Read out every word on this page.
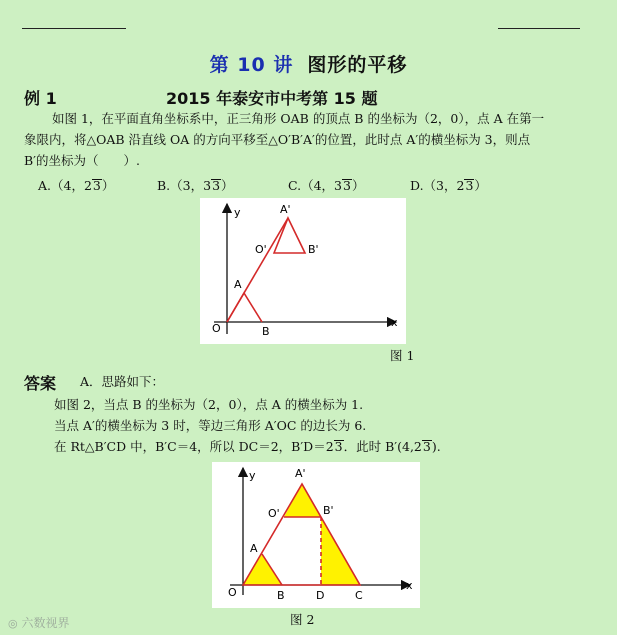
第 10 讲 图形的平移
例 1	2015 年泰安市中考第 15 题
如图 1，在平面直角坐标系中，正三角形 OAB 的顶点 B 的坐标为（2，0），点 A 在第一
象限内，将△OAB 沿直线 OA 的方向平移至△O′B′A′的位置，此时点 A′的横坐标为 3，则点
B′的坐标为（　　）.
A.（4，23）	B.（3，33）	C.（4，33）	D.（3，23）
y
x
O
A
B
O'
A'
B'
图 1
答案 A．思路如下：
如图 2，当点 B 的坐标为（2，0），点 A 的横坐标为 1.
当点 A′的横坐标为 3 时，等边三角形 A′OC 的边长为 6.
在 Rt△B′CD 中，B′C＝4，所以 DC＝2，B′D＝23．此时 B′(4,23).
y
x
O
A
B	D	C
O'
A'
B'
图 2
◎ 六数视界
